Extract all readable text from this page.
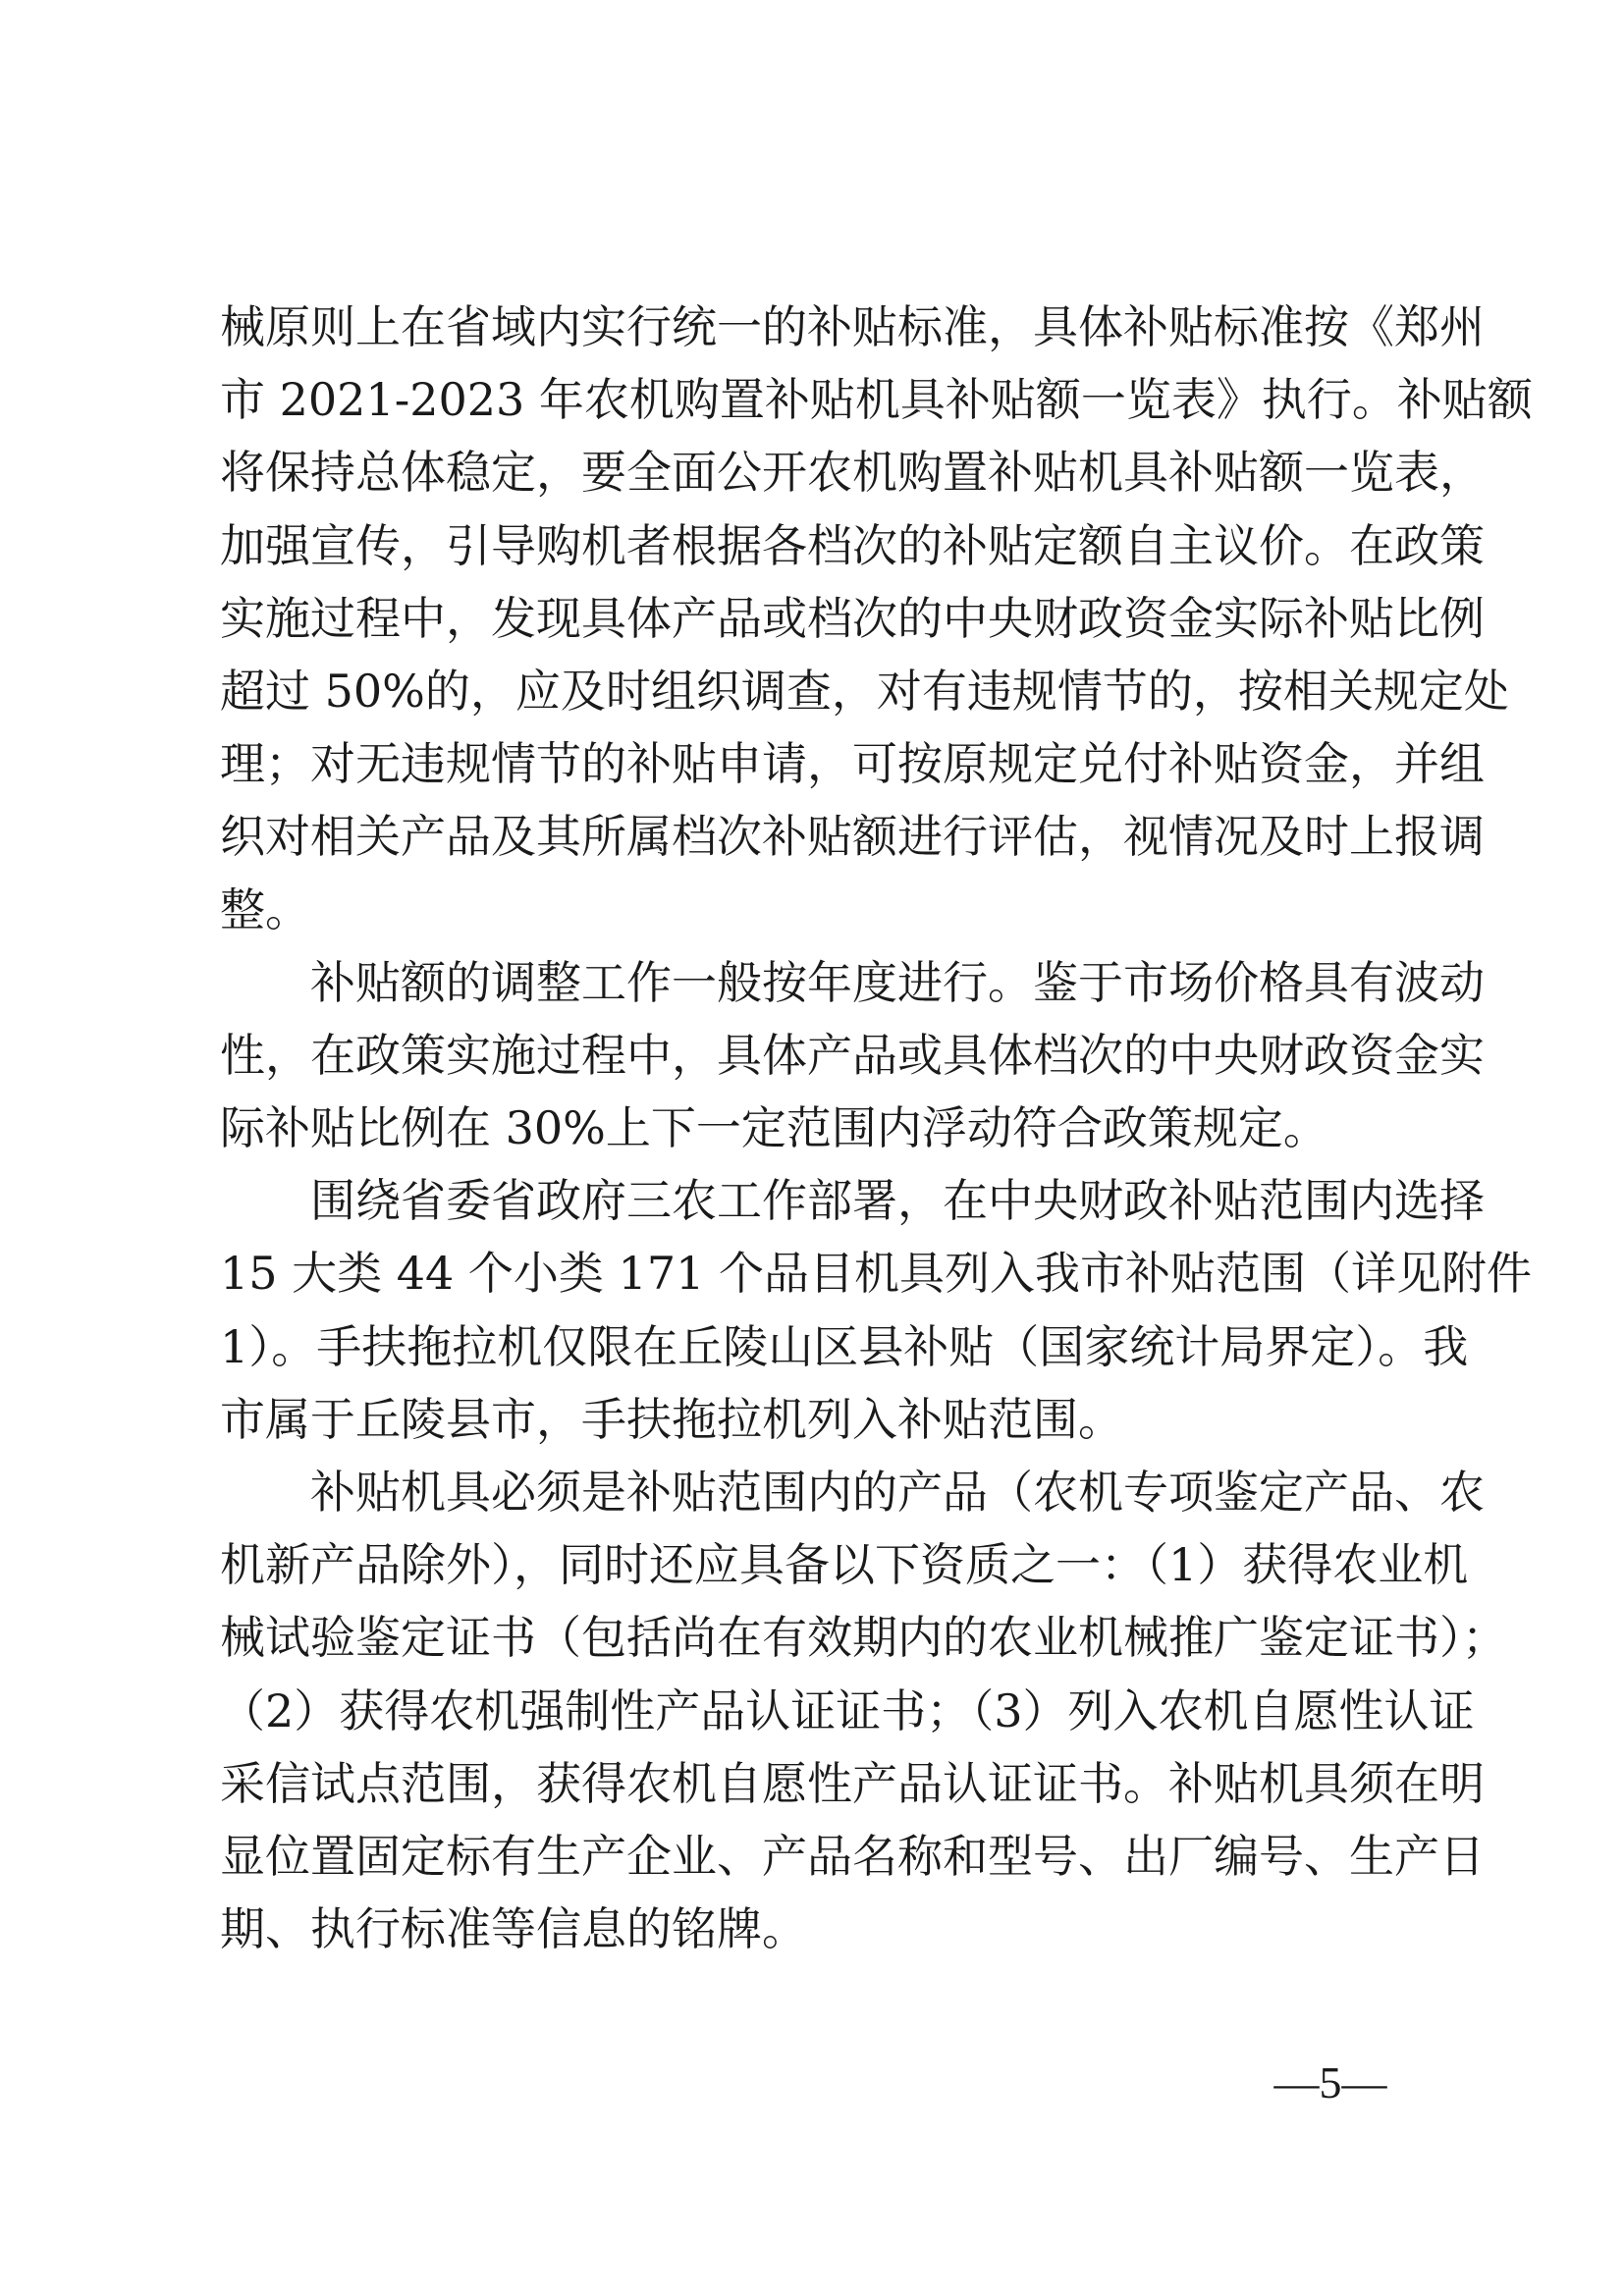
械原则上在省域内实行统一的补贴标准，具体补贴标准按《郑州
市 2021-2023 年农机购置补贴机具补贴额一览表》执行。补贴额
将保持总体稳定，要全面公开农机购置补贴机具补贴额一览表，
加强宣传，引导购机者根据各档次的补贴定额自主议价。在政策
实施过程中，发现具体产品或档次的中央财政资金实际补贴比例
超过 50%的，应及时组织调查，对有违规情节的，按相关规定处
理；对无违规情节的补贴申请，可按原规定兑付补贴资金，并组
织对相关产品及其所属档次补贴额进行评估，视情况及时上报调
整。
补贴额的调整工作一般按年度进行。鉴于市场价格具有波动
性，在政策实施过程中，具体产品或具体档次的中央财政资金实
际补贴比例在 30%上下一定范围内浮动符合政策规定。
围绕省委省政府三农工作部署，在中央财政补贴范围内选择
15 大类 44 个小类 171 个品目机具列入我市补贴范围（详见附件
1）。手扶拖拉机仅限在丘陵山区县补贴（国家统计局界定）。我
市属于丘陵县市，手扶拖拉机列入补贴范围。
补贴机具必须是补贴范围内的产品（农机专项鉴定产品、农
机新产品除外），同时还应具备以下资质之一：（1）获得农业机
械试验鉴定证书（包括尚在有效期内的农业机械推广鉴定证书）；
（2）获得农机强制性产品认证证书；（3）列入农机自愿性认证
采信试点范围，获得农机自愿性产品认证证书。补贴机具须在明
显位置固定标有生产企业、产品名称和型号、出厂编号、生产日
期、执行标准等信息的铭牌。
—5—
